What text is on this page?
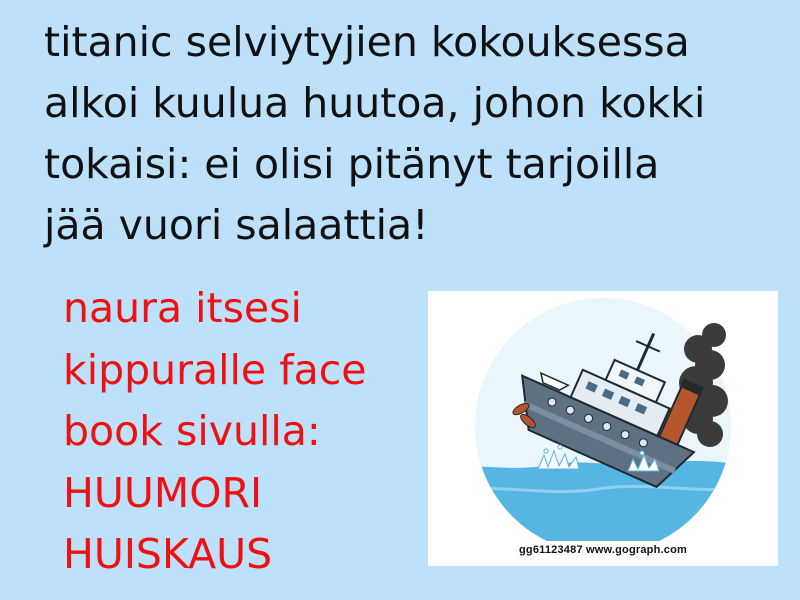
titanic selviytyjien kokouksessa
alkoi kuulua huutoa, johon kokki
tokaisi: ei olisi pitänyt tarjoilla
jää vuori salaattia!
naura itsesi
kippuralle face
book sivulla:
HUUMORI
HUISKAUS	gg61123487 www.gograph.com
